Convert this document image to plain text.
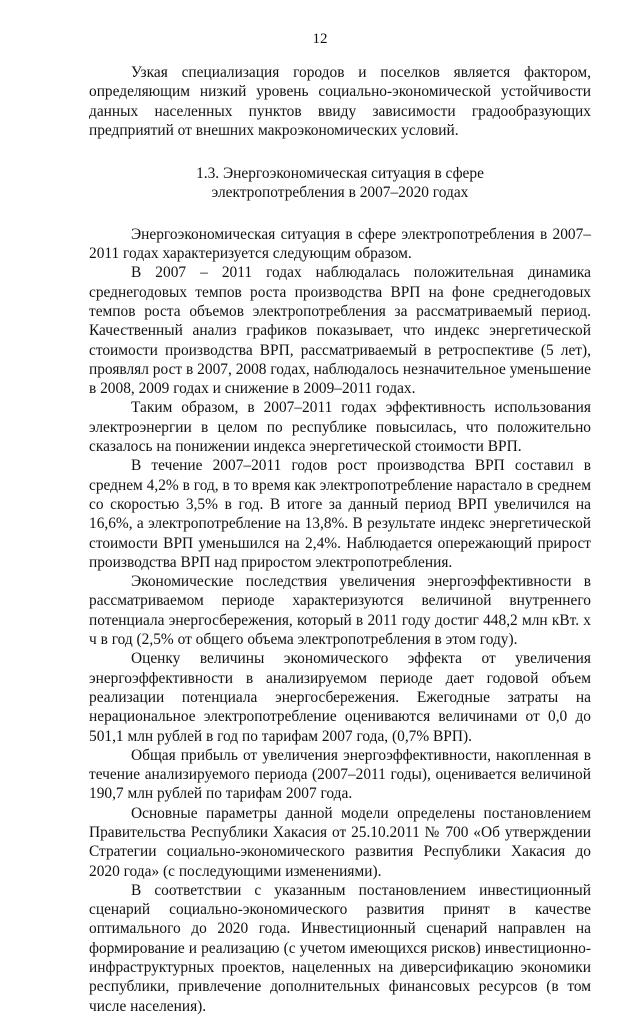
12

Узкая специализация городов и поселков является фактором, определяющим низкий уровень социально-экономической устойчивости данных населенных пунктов ввиду зависимости градообразующих предприятий от внешних макроэкономических условий.

1.3. Энергоэкономическая ситуация в сфере
электропотребления в 2007–2020 годах

Энергоэкономическая ситуация в сфере электропотребления в 2007–2011 годах характеризуется следующим образом.

В 2007 – 2011 годах наблюдалась положительная динамика среднегодовых темпов роста производства ВРП на фоне среднегодовых темпов роста объемов электропотребления за рассматриваемый период. Качественный анализ графиков показывает, что индекс энергетической стоимости производства ВРП, рассматриваемый в ретроспективе (5 лет), проявлял рост в 2007, 2008 годах, наблюдалось незначительное уменьшение в 2008, 2009 годах и снижение в 2009–2011 годах.

Таким образом, в 2007–2011 годах эффективность использования электроэнергии в целом по республике повысилась, что положительно сказалось на понижении индекса энергетической стоимости ВРП.

В течение 2007–2011 годов рост производства ВРП составил в среднем 4,2% в год, в то время как электропотребление нарастало в среднем со скоростью 3,5% в год. В итоге за данный период ВРП увеличился на 16,6%, а электропотребление на 13,8%. В результате индекс энергетической стоимости ВРП уменьшился на 2,4%. Наблюдается опережающий прирост производства ВРП над приростом электропотребления.

Экономические последствия увеличения энергоэффективности в рассматриваемом периоде характеризуются величиной внутреннего потенциала энергосбережения, который в 2011 году достиг 448,2 млн кВт. х ч в год (2,5% от общего объема электропотребления в этом году).

Оценку величины экономического эффекта от увеличения энергоэффективности в анализируемом периоде дает годовой объем реализации потенциала энергосбережения. Ежегодные затраты на нерациональное электропотребление оцениваются величинами от 0,0 до 501,1 млн рублей в год по тарифам 2007 года, (0,7% ВРП).

Общая прибыль от увеличения энергоэффективности, накопленная в течение анализируемого периода (2007–2011 годы), оценивается величиной 190,7 млн рублей по тарифам 2007 года.

Основные параметры данной модели определены постановлением Правительства Республики Хакасия от 25.10.2011 № 700 «Об утверждении Стратегии социально-экономического развития Республики Хакасия до 2020 года» (с последующими изменениями).

В соответствии с указанным постановлением инвестиционный сценарий социально-экономического развития принят в качестве оптимального до 2020 года. Инвестиционный сценарий направлен на формирование и реализацию (с учетом имеющихся рисков) инвестиционно-инфраструктурных проектов, нацеленных на диверсификацию экономики республики, привлечение дополнительных финансовых ресурсов (в том числе населения).
